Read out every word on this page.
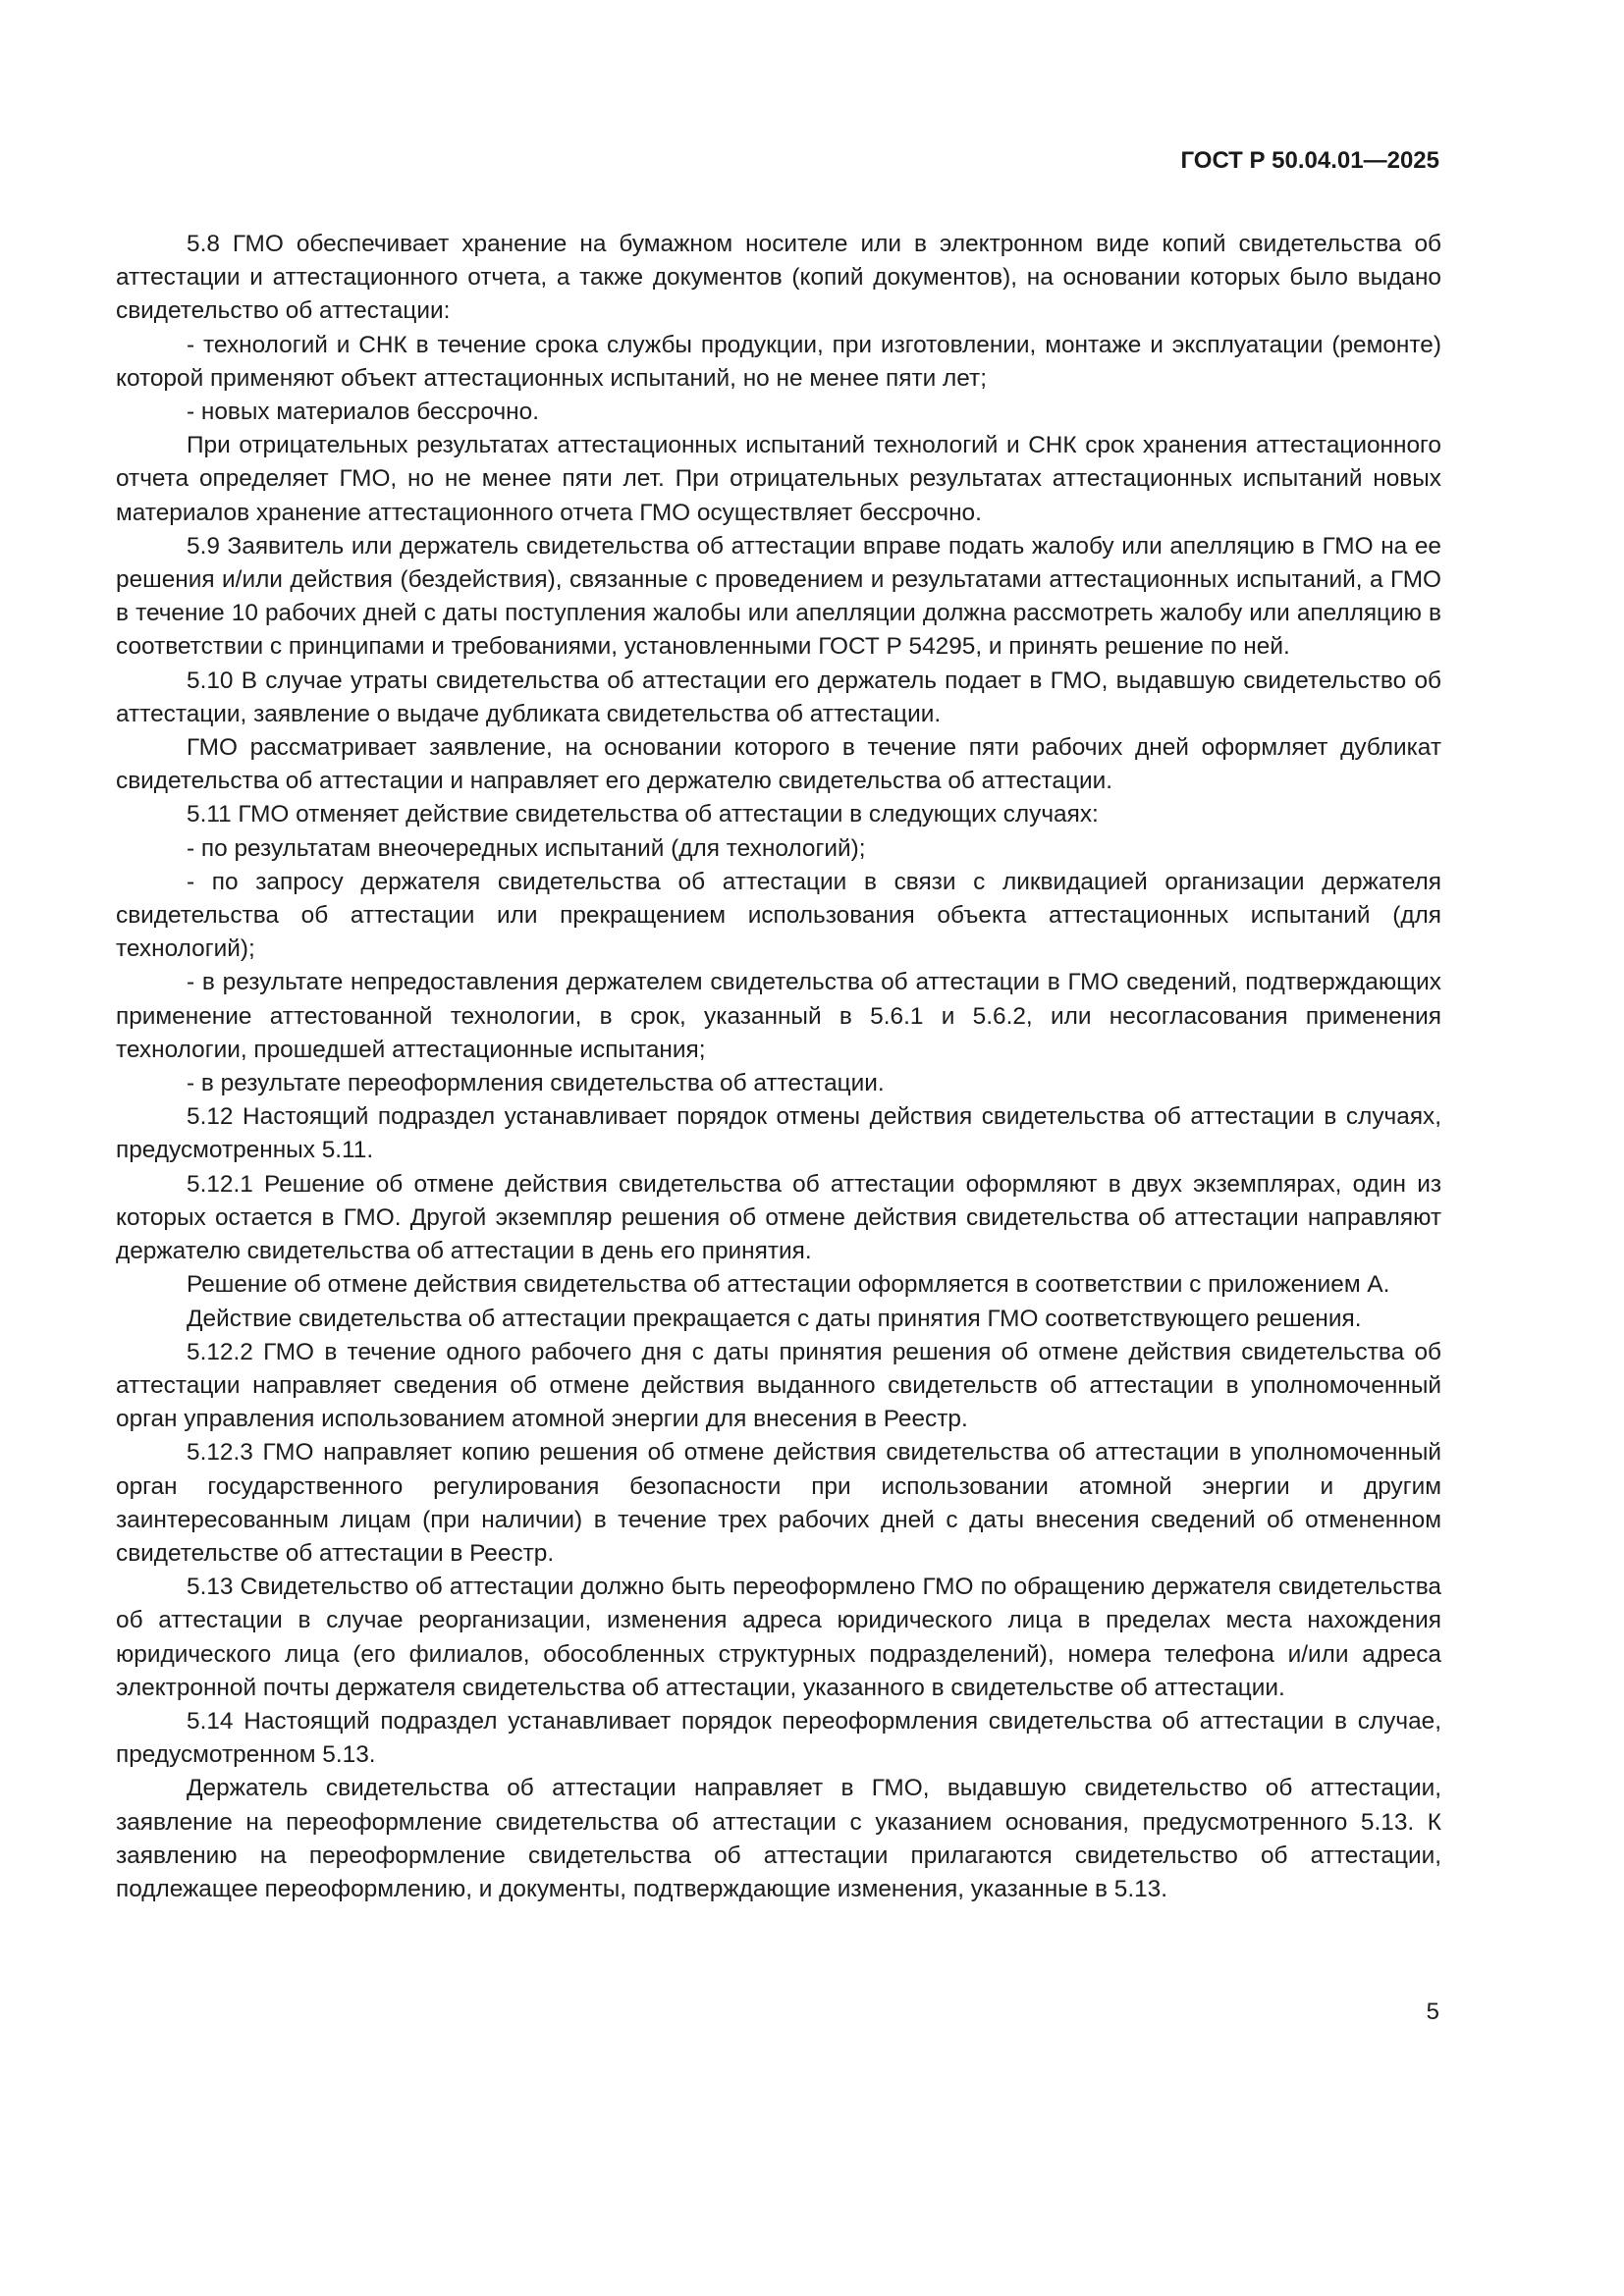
ГОСТ Р 50.04.01—2025

5.8 ГМО обеспечивает хранение на бумажном носителе или в электронном виде копий свидетельства об аттестации и аттестационного отчета, а также документов (копий документов), на основании которых было выдано свидетельство об аттестации:

- технологий и СНК в течение срока службы продукции, при изготовлении, монтаже и эксплуатации (ремонте) которой применяют объект аттестационных испытаний, но не менее пяти лет;

- новых материалов бессрочно.

При отрицательных результатах аттестационных испытаний технологий и СНК срок хранения аттестационного отчета определяет ГМО, но не менее пяти лет. При отрицательных результатах аттестационных испытаний новых материалов хранение аттестационного отчета ГМО осуществляет бессрочно.

5.9 Заявитель или держатель свидетельства об аттестации вправе подать жалобу или апелляцию в ГМО на ее решения и/или действия (бездействия), связанные с проведением и результатами аттестационных испытаний, а ГМО в течение 10 рабочих дней с даты поступления жалобы или апелляции должна рассмотреть жалобу или апелляцию в соответствии с принципами и требованиями, установленными ГОСТ Р 54295, и принять решение по ней.

5.10 В случае утраты свидетельства об аттестации его держатель подает в ГМО, выдавшую свидетельство об аттестации, заявление о выдаче дубликата свидетельства об аттестации.

ГМО рассматривает заявление, на основании которого в течение пяти рабочих дней оформляет дубликат свидетельства об аттестации и направляет его держателю свидетельства об аттестации.

5.11 ГМО отменяет действие свидетельства об аттестации в следующих случаях:

- по результатам внеочередных испытаний (для технологий);

- по запросу держателя свидетельства об аттестации в связи с ликвидацией организации держателя свидетельства об аттестации или прекращением использования объекта аттестационных испытаний (для технологий);

- в результате непредоставления держателем свидетельства об аттестации в ГМО сведений, подтверждающих применение аттестованной технологии, в срок, указанный в 5.6.1 и 5.6.2, или несогласования применения технологии, прошедшей аттестационные испытания;

- в результате переоформления свидетельства об аттестации.

5.12 Настоящий подраздел устанавливает порядок отмены действия свидетельства об аттестации в случаях, предусмотренных 5.11.

5.12.1 Решение об отмене действия свидетельства об аттестации оформляют в двух экземплярах, один из которых остается в ГМО. Другой экземпляр решения об отмене действия свидетельства об аттестации направляют держателю свидетельства об аттестации в день его принятия.

Решение об отмене действия свидетельства об аттестации оформляется в соответствии с приложением А.

Действие свидетельства об аттестации прекращается с даты принятия ГМО соответствующего решения.

5.12.2 ГМО в течение одного рабочего дня с даты принятия решения об отмене действия свидетельства об аттестации направляет сведения об отмене действия выданного свидетельств об аттестации в уполномоченный орган управления использованием атомной энергии для внесения в Реестр.

5.12.3 ГМО направляет копию решения об отмене действия свидетельства об аттестации в уполномоченный орган государственного регулирования безопасности при использовании атомной энергии и другим заинтересованным лицам (при наличии) в течение трех рабочих дней с даты внесения сведений об отмененном свидетельстве об аттестации в Реестр.

5.13 Свидетельство об аттестации должно быть переоформлено ГМО по обращению держателя свидетельства об аттестации в случае реорганизации, изменения адреса юридического лица в пределах места нахождения юридического лица (его филиалов, обособленных структурных подразделений), номера телефона и/или адреса электронной почты держателя свидетельства об аттестации, указанного в свидетельстве об аттестации.

5.14 Настоящий подраздел устанавливает порядок переоформления свидетельства об аттестации в случае, предусмотренном 5.13.

Держатель свидетельства об аттестации направляет в ГМО, выдавшую свидетельство об аттестации, заявление на переоформление свидетельства об аттестации с указанием основания, предусмотренного 5.13. К заявлению на переоформление свидетельства об аттестации прилагаются свидетельство об аттестации, подлежащее переоформлению, и документы, подтверждающие изменения, указанные в 5.13.

5
